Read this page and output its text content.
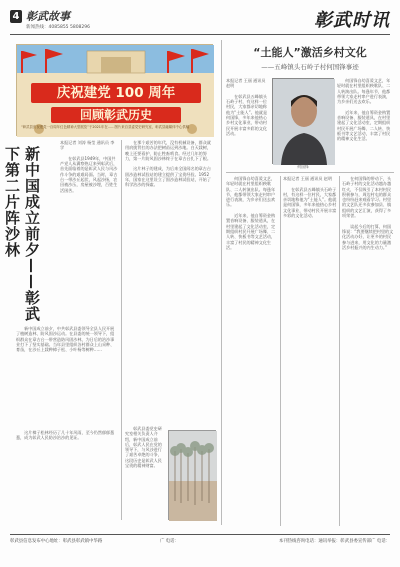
4 彰武故事
新闻热线：4085855 5808296	彰武时讯
庆祝建党 100 周年
回顾彰武历史
“彰武县庆祝建党一百周年红色精神大型展览”于2021年在……图片来自县委党史研究室，彰武县融媒体中心供稿
新中国成立前夕——彰武下第二片阵沙林
本报记者 刘涛 杨莹 通讯员 李学

　　在彰武县1949年，中国共产党人从冀察热辽来到彰武后，首先面临着的是彰武人民与风沙作斗争的艰难局面。当时，章古台一带沙丘起伏，风起沙扬，农田被沙压，房屋被沙埋，百姓生活困苦。
　　新中国成立前夕，中共彰武县委领导全县人民开展了植树造林、防风固沙运动。在县委的统一领导下，组织群众在章古台一带营造防风固沙林，为日后的治沙事业打下了坚实基础。当年县里组织各村群众上山采种、育苗，在沙丘上栽种樟子松、小叶杨等树种……
　　这片樟子松林经历了几十年风雨，至今仍然郁郁葱葱，成为彰武人民防沙治沙的见证。
　　在那个艰苦的年代，没有机械设备，群众就用肩挑背扛的办法把树苗运到沙地。白天栽树，晚上还要看护，防止牲畜啃食。经过几年的努力，第一片防风固沙林终于在章古台扎下了根。

　　这片林子的建成，为后来全国闻名的章古台固沙造林试验站的建立提供了宝贵经验。1952年，国家在这里设立了固沙造林试验站，开始了科学治沙的探索。
　　彰武县委党史研究室相关负责人介绍，新中国成立前后，彰武人民在党的领导下，与风沙进行了艰苦卓绝的斗争，这段历史是彰武人民宝贵的精神财富。
“土能人”激活乡村文化
——五峰镇头石岭子村何国锋事迹
本报记者 王丽 通讯员 赵明

　　在彰武县五峰镇头石岭子村，有这样一位村民，大家都亲切地称他为“土能人”。他就是何国锋，多年来他热心乡村文化事业，带动村民开展丰富多彩的文化活动。
何国锋
　　何国锋自幼喜爱文艺，年轻时就在村里组织秧歌队、二人转演出队。每逢年节，他都带领大家走村串户进行表演，为乡亲们送去欢乐。

　　近年来，他自筹资金购置音响设备、服装道具，在村里建起了文化活动室，定期组织村民开展广场舞、二人转、快板书等文艺活动，丰富了村民的精神文化生活。
　　何国锋自幼喜爱文艺，年轻时就在村里组织秧歌队、二人转演出队。每逢年节，他都带领大家走村串户进行表演，为乡亲们送去欢乐。

　　近年来，他自筹资金购置音响设备、服装道具，在村里建起了文化活动室，定期组织村民开展广场舞、二人转、快板书等文艺活动，丰富了村民的精神文化生活。
本报记者 王丽 通讯员 赵明

　　在彰武县五峰镇头石岭子村，有这样一位村民，大家都亲切地称他为“土能人”。他就是何国锋，多年来他热心乡村文化事业，带动村民开展丰富多彩的文化活动。
　　在何国锋的带动下，头石岭子村的文化活动越办越红火，不仅吸引了本村村民积极参与，周边村屯的群众也纷纷赶来观看学习。村里的文艺队还多次参加县、镇组织的文艺汇演，获得了多项荣誉。

　　谈起今后的打算，何国锋说：“我要继续把村里的文化活动办好，让更多的村民参与进来，用文化的力量激活乡村振兴的内生动力。”
彰武县信息发布中心地址：彰武县彰武镇中华路	广 电话：	本刊热线咨询电话：通讯举报：彰武县委宣传部广 电话：
